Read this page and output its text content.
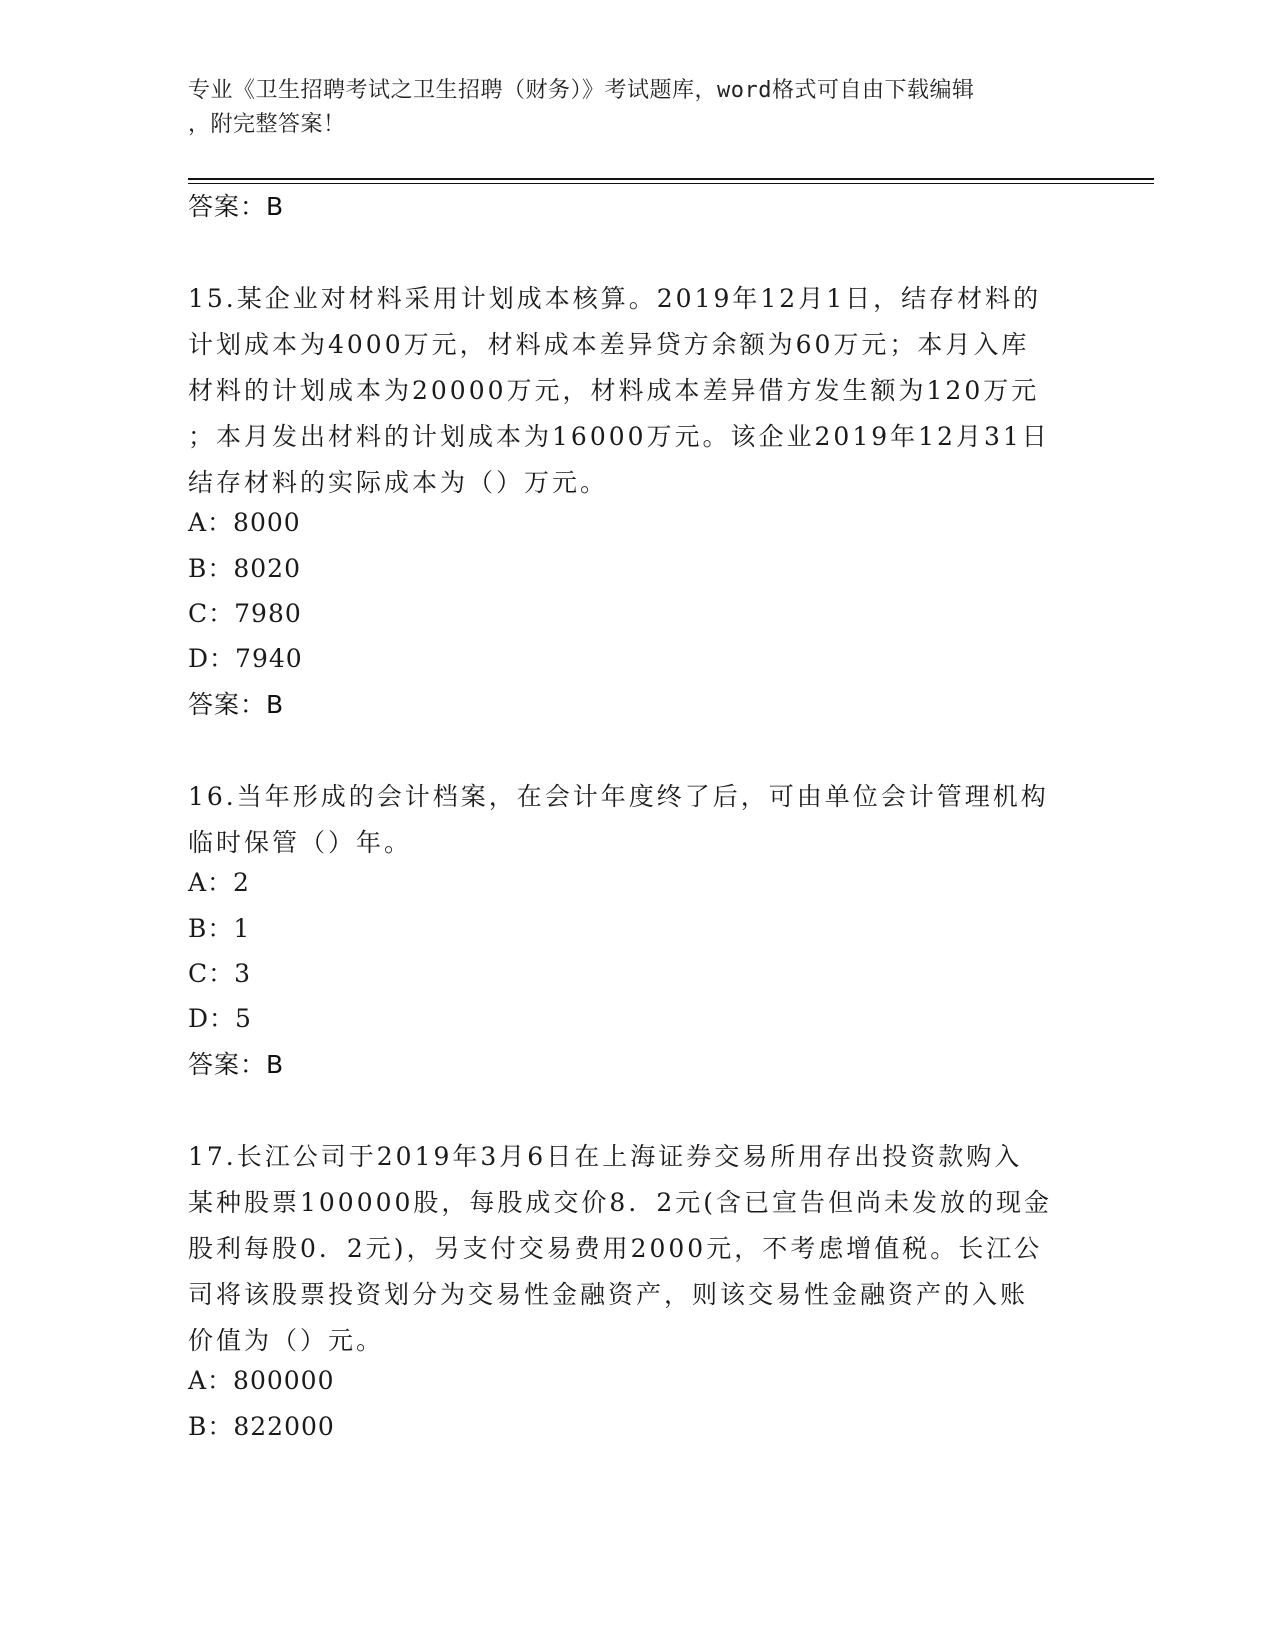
专业《卫生招聘考试之卫生招聘（财务）》考试题库，word格式可自由下载编辑
，附完整答案！
答案：B
15.某企业对材料采用计划成本核算。2019年12月1日，结存材料的
计划成本为4000万元，材料成本差异贷方余额为60万元；本月入库
材料的计划成本为20000万元，材料成本差异借方发生额为120万元
；本月发出材料的计划成本为16000万元。该企业2019年12月31日
结存材料的实际成本为（）万元。
A：8000
B：8020
C：7980
D：7940
答案：B
16.当年形成的会计档案，在会计年度终了后，可由单位会计管理机构
临时保管（）年。
A：2
B：1
C：3
D：5
答案：B
17.长江公司于2019年3月6日在上海证券交易所用存出投资款购入
某种股票100000股，每股成交价8．2元(含已宣告但尚未发放的现金
股利每股0．2元)，另支付交易费用2000元，不考虑增值税。长江公
司将该股票投资划分为交易性金融资产，则该交易性金融资产的入账
价值为（）元。
A：800000
B：822000
